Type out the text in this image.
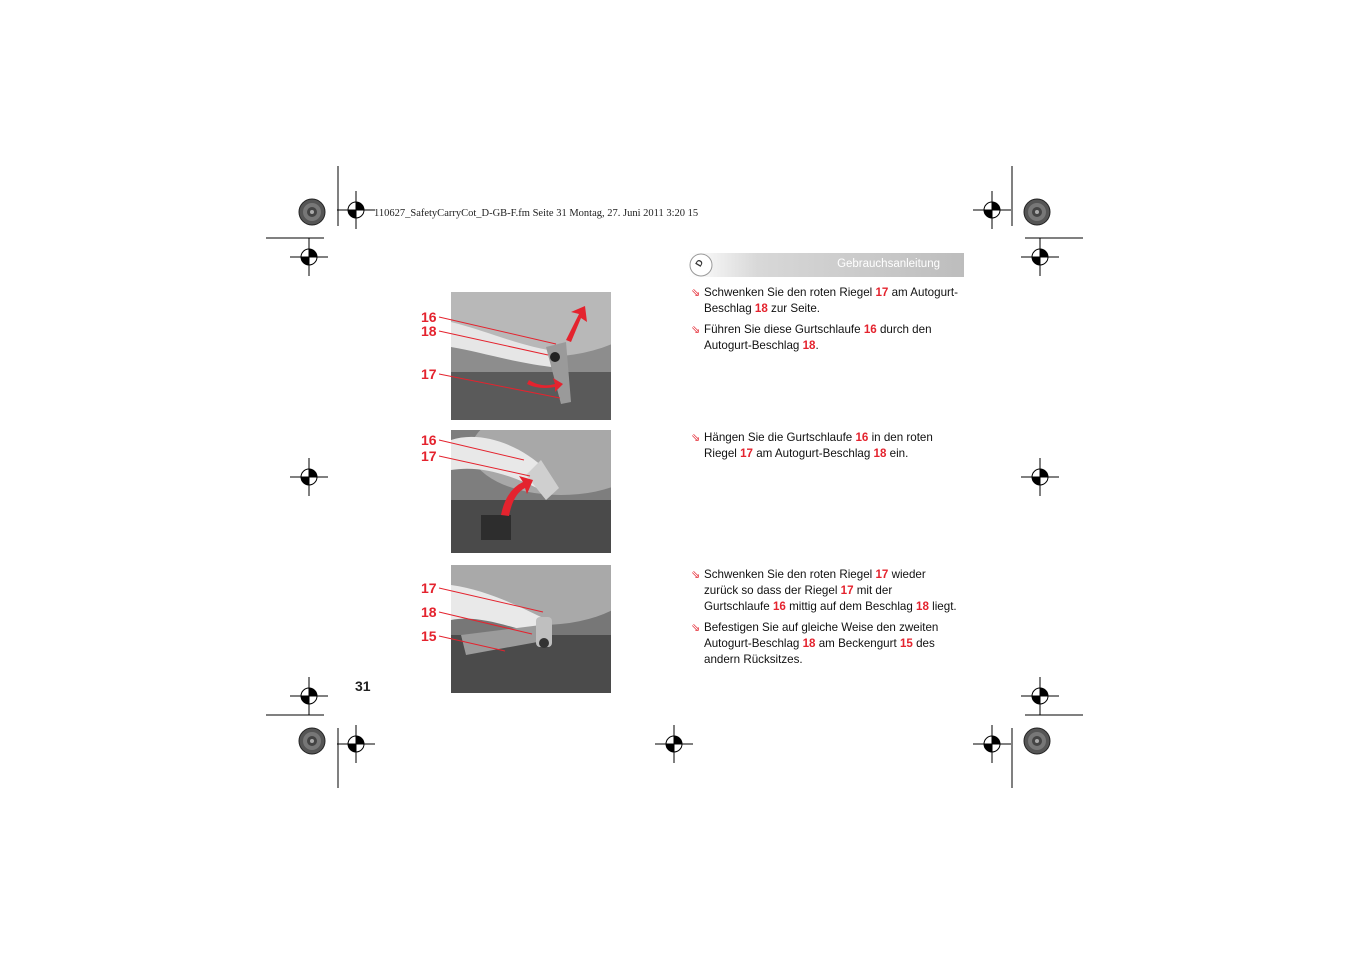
110627_SafetyCarryCot_D-GB-F.fm Seite 31 Montag, 27. Juni 2011 3:20 15
D	Gebrauchsanleitung
16
18
17
16
17
17
18
15

⇘ Schwenken Sie den roten Riegel 17 am Autogurt-Beschlag 18 zur Seite.

⇘ Führen Sie diese Gurtschlaufe 16 durch den Autogurt-Beschlag 18.

⇘ Hängen Sie die Gurtschlaufe 16 in den roten Riegel 17 am Autogurt-Beschlag 18 ein.

⇘ Schwenken Sie den roten Riegel 17 wieder zurück so dass der Riegel 17 mit der Gurtschlaufe 16 mittig auf dem Beschlag 18 liegt.

⇘ Befestigen Sie auf gleiche Weise den zweiten Autogurt-Beschlag 18 am Beckengurt 15 des andern Rücksitzes.

31
